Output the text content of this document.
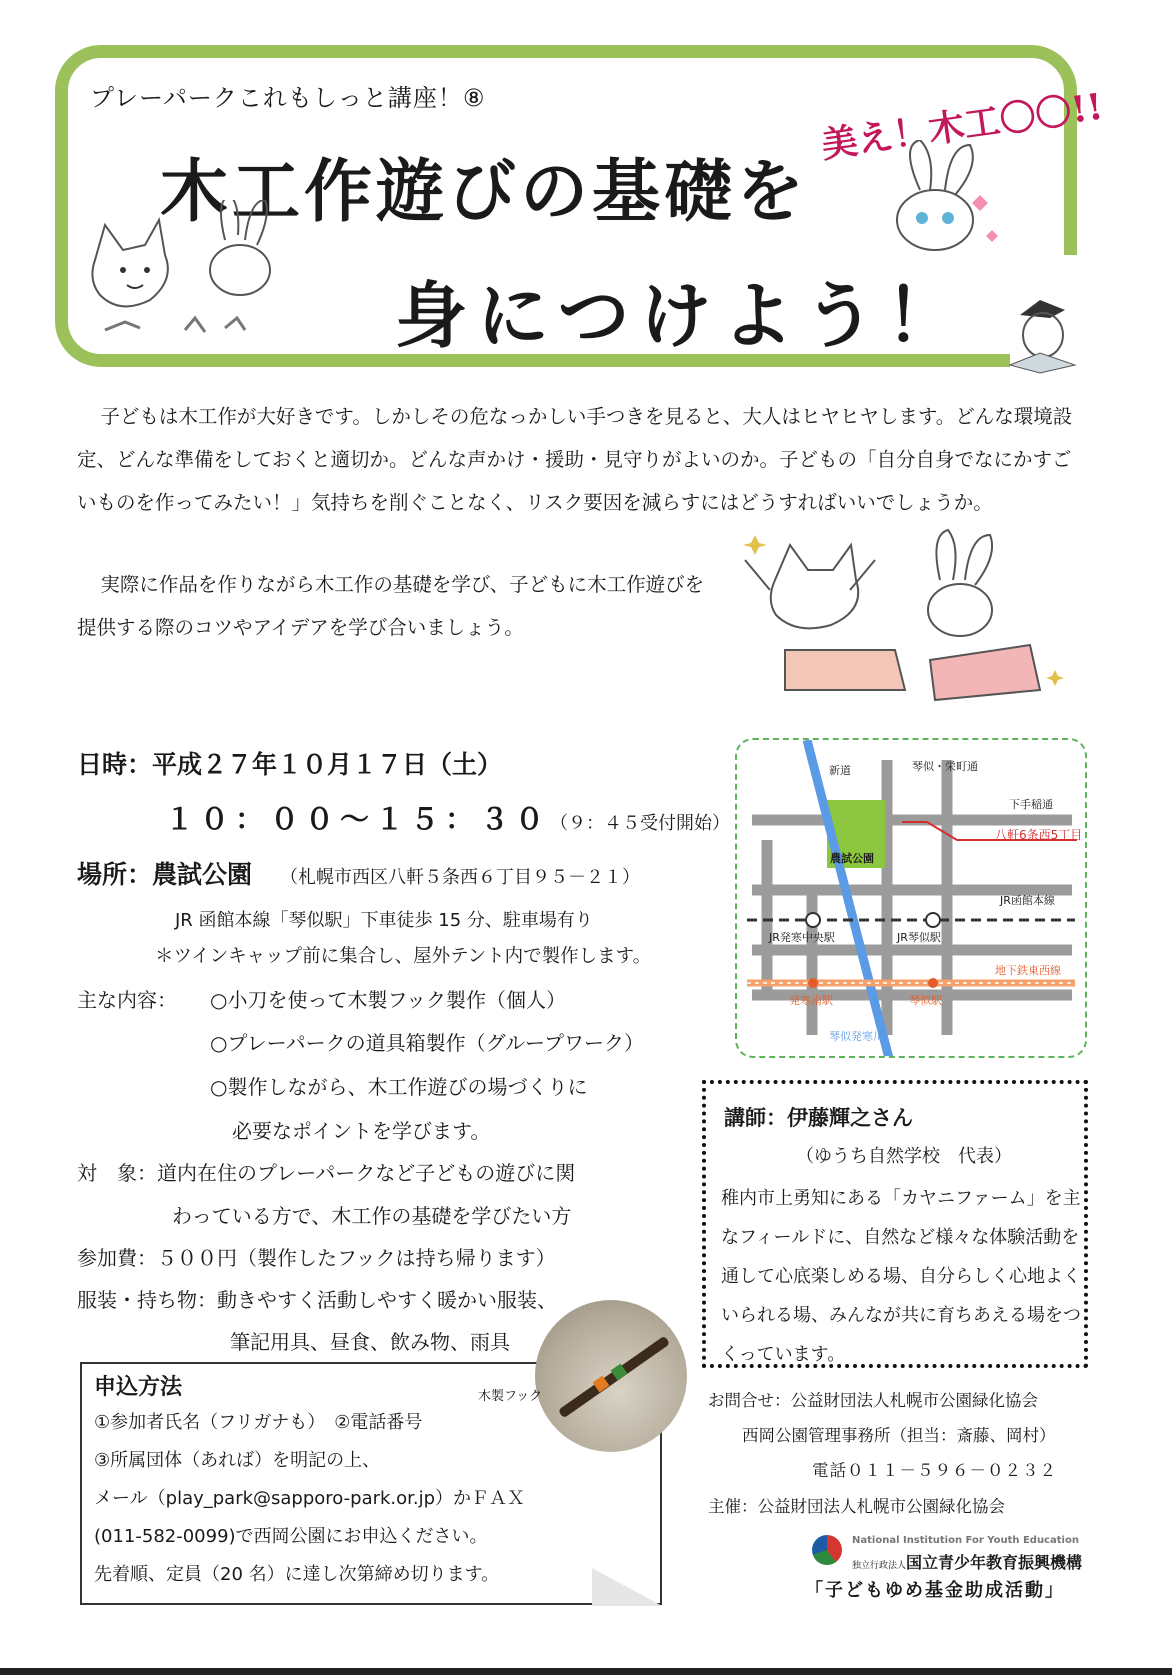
プレーパークこれもしっと講座！⑧
木工作遊びの基礎を
身につけよう！
美え！木工〇〇!!

子どもは木工作が大好きです。しかしその危なっかしい手つきを見ると、大人はヒヤヒヤします。どんな環境設定、どんな準備をしておくと適切か。どんな声かけ・援助・見守りがよいのか。子どもの「自分自身でなにかすごいものを作ってみたい！」気持ちを削ぐことなく、リスク要因を減らすにはどうすればいいでしょうか。

実際に作品を作りながら木工作の基礎を学び、子どもに木工作遊びを提供する際のコツやアイデアを学び合いましょう。

日時：平成２７年１０月１７日（土）
１０：００～１５：３０（９：４５受付開始）
場所：農試公園 （札幌市西区八軒５条西６丁目９５－２１）
JR 函館本線「琴似駅」下車徒歩 15 分、駐車場有り
＊ツインキャップ前に集合し、屋外テント内で製作します。
主な内容： ○小刀を使って木製フック製作（個人）
○プレーパークの道具箱製作（グループワーク）
○製作しながら、木工作遊びの場づくりに
必要なポイントを学びます。
対　象：道内在住のプレーパークなど子どもの遊びに関
わっている方で、木工作の基礎を学びたい方
参加費：５００円（製作したフックは持ち帰ります）
服装・持ち物：動きやすく活動しやすく暖かい服装、
筆記用具、昼食、飲み物、雨具
新道	琴似・栄町通
下手稲通
八軒6条西5丁目
農試公園
JR函館本線
JR発寒中央駅	JR琴似駅
地下鉄東西線
発寒南駅	琴似駅
琴似発寒川
講師：伊藤輝之さん
（ゆうち自然学校　代表）

稚内市上勇知にある「カヤニファーム」を主なフィールドに、自然など様々な体験活動を通して心底楽しめる場、自分らしく心地よくいられる場、みんなが共に育ちあえる場をつくっています。

お問合せ：公益財団法人札幌市公園緑化協会
西岡公園管理事務所（担当：斎藤、岡村）
電話０１１－５９６－０２３２
主催：公益財団法人札幌市公園緑化協会
申込方法
①参加者氏名（フリガナも）　②電話番号
③所属団体（あれば）を明記の上、
メール（play_park@sapporo-park.or.jp）かＦＡＸ
(011-582-0099)で西岡公園にお申込ください。
先着順、定員（20 名）に達し次第締め切ります。
木製フック
National Institution For Youth Education
独立行政法人国立青少年教育振興機構
「子どもゆめ基金助成活動」
